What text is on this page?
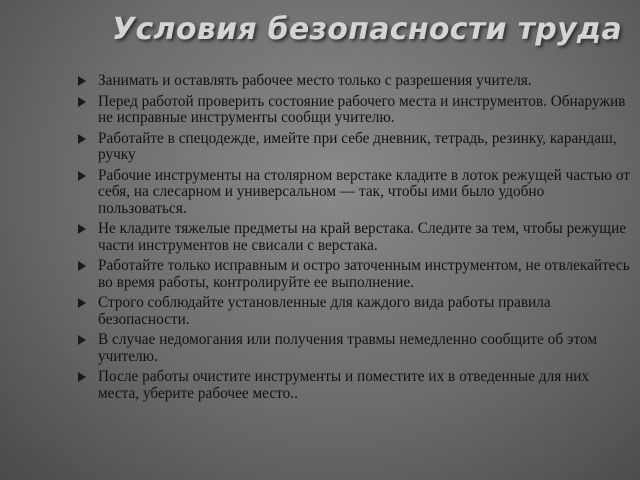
Условия безопасности труда
Занимать и оставлять рабочее место только с разрешения учителя.
Перед работой проверить состояние рабочего места и инструментов. Обнаружив не исправные инструменты сообщи учителю.
Работайте в спецодежде, имейте при себе дневник, тетрадь, резинку, карандаш, ручку
Рабочие инструменты на столярном верстаке кладите в лоток режущей частью от себя, на слесарном и универсальном — так, чтобы ими было удобно пользоваться.
Не кладите тяжелые предметы на край верстака. Следите за тем, чтобы режущие части инструментов не свисали с верстака.
Работайте только исправным и остро заточенным инструментом, не отвлекайтесь во время работы, контролируйте ее выполнение.
Строго соблюдайте установленные для каждого вида работы правила безопасности.
В случае недомогания или получения травмы немедленно сообщите об этом учителю.
После работы очистите инструменты и поместите их в отведенные для них места, уберите рабочее место..
